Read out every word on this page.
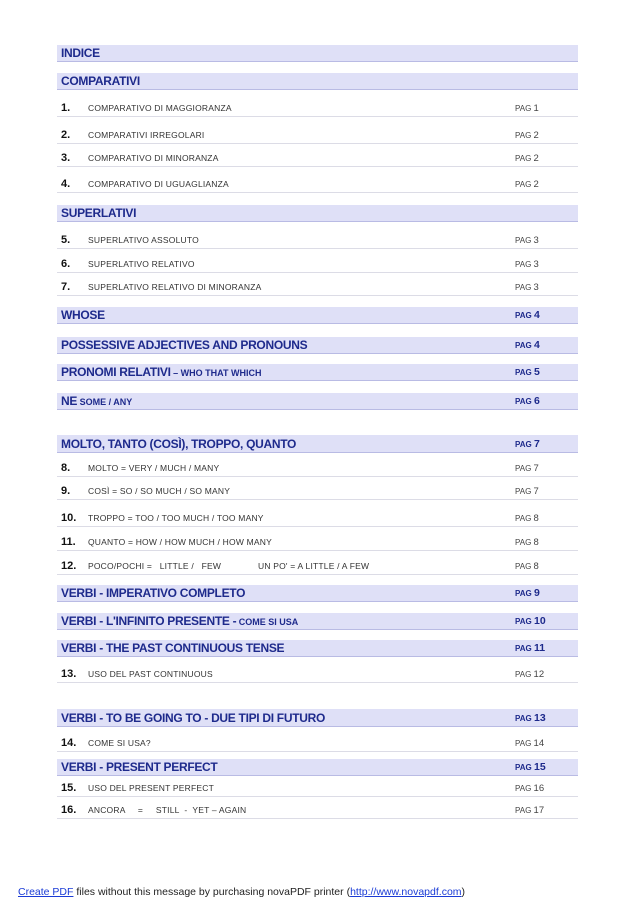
INDICE
COMPARATIVI
1.	COMPARATIVO DI MAGGIORANZA	PAG 1
2.	COMPARATIVI IRREGOLARI	PAG 2
3.	COMPARATIVO DI MINORANZA	PAG 2
4.	COMPARATIVO DI UGUAGLIANZA	PAG 2
SUPERLATIVI
5.	SUPERLATIVO ASSOLUTO	PAG 3
6.	SUPERLATIVO RELATIVO	PAG 3
7.	SUPERLATIVO RELATIVO DI MINORANZA	PAG 3
WHOSE	PAG 4
POSSESSIVE ADJECTIVES AND PRONOUNS	PAG 4
PRONOMI RELATIVI – WHO THAT WHICH	PAG 5
NE SOME / ANY	PAG 6
MOLTO, TANTO (COSÌ), TROPPO, QUANTO	PAG 7
8.	MOLTO = VERY / MUCH / MANY	PAG 7
9.	COSÌ = SO / SO MUCH / SO MANY	PAG 7
10.	TROPPO = TOO / TOO MUCH / TOO MANY	PAG 8
11.	QUANTO = HOW / HOW MUCH / HOW MANY	PAG 8
12.	POCO/POCHI =   LITTLE /   FEW	UN PO' = A LITTLE / A FEW	PAG 8
VERBI - IMPERATIVO COMPLETO	PAG 9
VERBI - L'INFINITO PRESENTE - COME SI USA	PAG 10
VERBI - THE PAST CONTINUOUS TENSE	PAG 11
13.	USO DEL PAST CONTINUOUS	PAG 12
VERBI - TO BE GOING TO - DUE TIPI DI FUTURO	PAG 13
14.	COME SI USA?	PAG 14
VERBI - PRESENT PERFECT	PAG 15
15.	USO DEL PRESENT PERFECT	PAG 16
16.	ANCORA     =     STILL  -  YET – AGAIN	PAG 17
Create PDF files without this message by purchasing novaPDF printer (http://www.novapdf.com)
